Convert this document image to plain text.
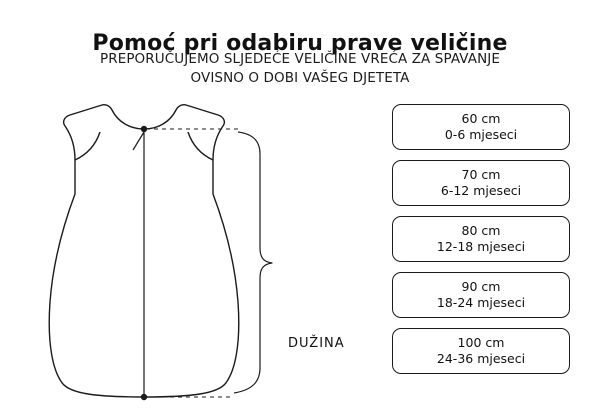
Pomoć pri odabiru prave veličine
PREPORUČUJEMO SLJEDEĆE VELIČINE VREĆA ZA SPAVANJE
OVISNO O DOBI VAŠEG DJETETA
DUŽINA
60 cm
0-6 mjeseci
70 cm
6-12 mjeseci
80 cm
12-18 mjeseci
90 cm
18-24 mjeseci
100 cm
24-36 mjeseci
